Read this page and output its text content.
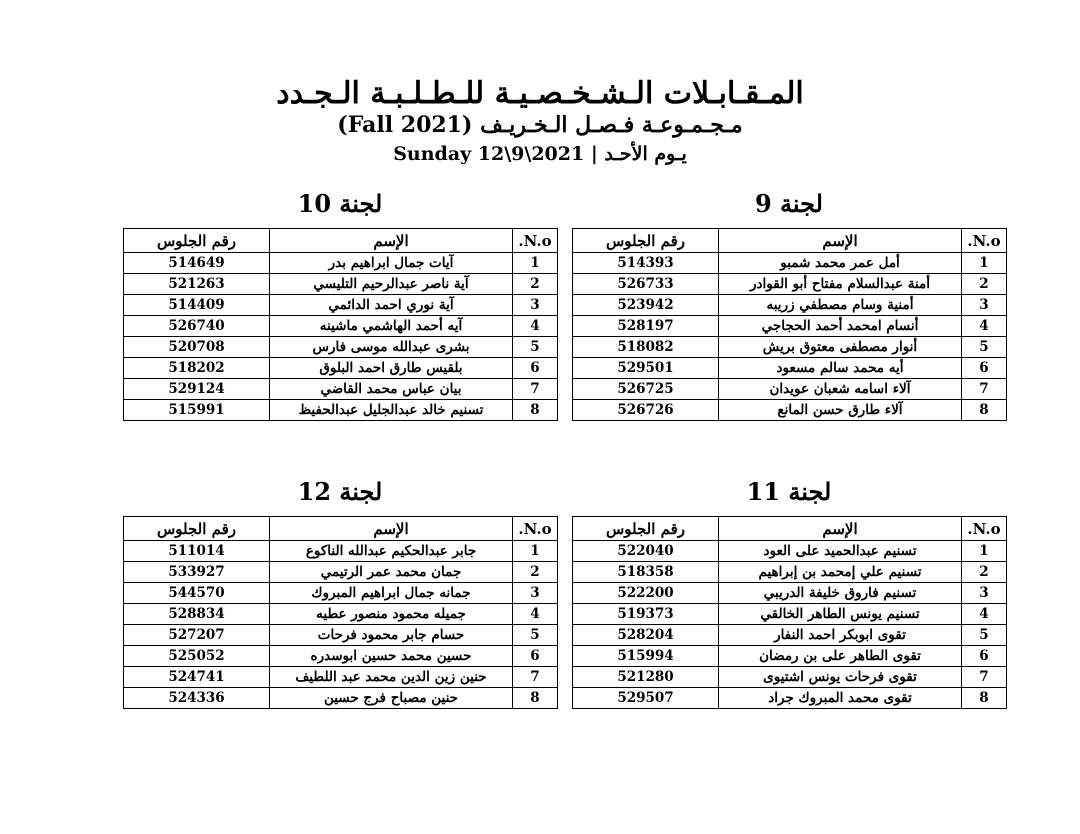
المـقـابـلات الـشـخـصـيـة للـطـلـبـة الـجـدد
مـجـمـوعـة فـصـل الـخـريـف (Fall 2021)
يـوم الأحـد | Sunday 12\9\2021
لجنة 9
N.o.	الإسم	رقم الجلوس
1	أمل عمر محمد شمبو	514393
2	أمنة عبدالسلام مفتاح أبو القوادر	526733
3	أمنية وسام مصطفي زريبه	523942
4	أنسام امحمد أحمد الحجاجي	528197
5	أنوار مصطفى معتوق بريش	518082
6	أيه محمد سالم مسعود	529501
7	آلاء اسامه شعبان عويدان	526725
8	آلاء طارق حسن المانع	526726
لجنة 10
N.o.	الإسم	رقم الجلوس
1	آيات جمال ابراهيم بدر	514649
2	آية ناصر عبدالرحيم التليسي	521263
3	آية نوري احمد الدائمي	514409
4	آيه أحمد الهاشمي ماشينه	526740
5	بشرى عبدالله موسى فارس	520708
6	بلقيس طارق احمد البلوق	518202
7	بيان عباس محمد القاضي	529124
8	تسنيم خالد عبدالجليل عبدالحفيظ	515991
لجنة 11
N.o.	الإسم	رقم الجلوس
1	تسنيم عبدالحميد على العود	522040
2	تسنيم علي إمحمد بن إبراهيم	518358
3	تسنيم فاروق خليفة الدريبي	522200
4	تسنيم يونس الطاهر الخالقي	519373
5	تقوى ابوبكر احمد النفار	528204
6	تقوى الطاهر على بن رمضان	515994
7	تقوى فرحات يونس اشتيوى	521280
8	تقوى محمد المبروك جراد	529507
لجنة 12
N.o.	الإسم	رقم الجلوس
1	جابر عبدالحكيم عبدالله الناكوع	511014
2	جمان محمد عمر الرتيمي	533927
3	جمانه جمال ابراهيم المبروك	544570
4	جميله محمود منصور عطيه	528834
5	حسام جابر محمود فرحات	527207
6	حسين محمد حسين ابوسدره	525052
7	حنين زين الدين محمد عبد اللطيف	524741
8	حنين مصباح فرج حسين	524336
